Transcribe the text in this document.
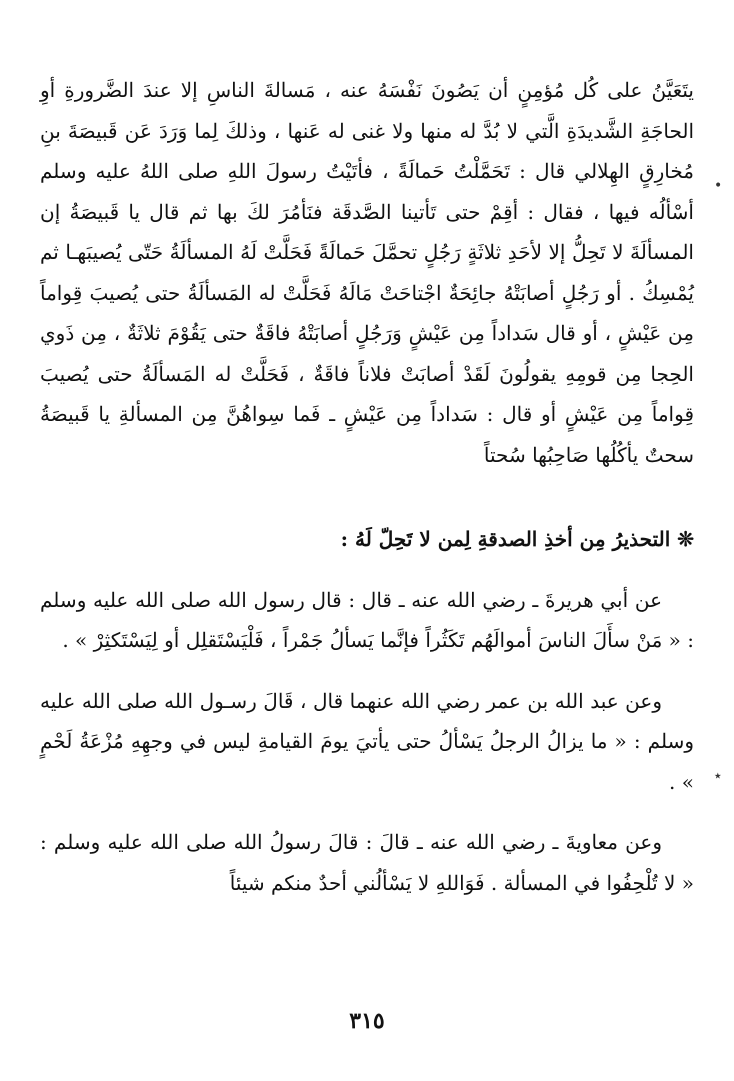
يتَعَيَّنُ على كُل مُؤمِنٍ أن يَصُونَ نَفْسَهُ عنه ، مَسالةَ الناسِ إلا عندَ الضَّرورةِ أوِ الحاجَةِ الشَّديدَةِ الَّتي لا بُدَّ له منها ولا غنى له عَنها ، وذلكَ لِما وَرَدَ عَن قَبيصَةَ بنِ مُخارِقٍ الهِلالي قال : تَحَمَّلْتُ حَمالَةً ، فأتَيْتُ رسولَ اللهِ صلى اللهُ عليه وسلم أسْألُه فيها ، فقال : أقِمْ حتى تَأتينا الصَّدقَة فنَأمُرَ لكَ بها ثم قال يا قَبيصَةُ إن المسألَةَ لا تَحِلُّ إلا لأحَدِ ثلاثَةٍ رَجُلٍ تحمَّلَ حَمالَةً فَحَلَّتْ لَهُ المسألَةُ حَتّى يُصيبَهـا ثم يُمْسِكُ . أو رَجُلٍ أصابَتْهُ جائِحَةٌ اجْتاحَتْ مَالَهُ فَحَلَّتْ له المَسألَةُ حتى يُصيبَ قِواماً مِن عَيْشٍ ، أو قال سَداداً مِن عَيْشٍ وَرَجُلٍ أصابَتْهُ فاقَةٌ حتى يَقُوْمَ ثلاثَةٌ ، مِن ذَوي الحِجا مِن قومِهِ يقولُونَ لَقَدْ أصابَتْ فلاناً فاقَةٌ ، فَحَلَّتْ له المَسألَةُ حتى يُصيبَ قِواماً مِن عَيْشٍ أو قال : سَداداً مِن عَيْشٍ ـ فَما سِواهُنَّ مِن المسألةِ يا قَبيصَةُ سحتٌ يأكُلُها صَاحِبُها سُحتاً

❊ التحذيرُ مِن أخذِ الصدقةِ لِمن لا تَحِلّ لَهُ :

عن أبي هريرةَ ـ رضي الله عنه ـ قال : قال رسول الله صلى الله عليه وسلم : « مَنْ سأَلَ الناسَ أموالَهُم تَكَثُراً فإنَّما يَسألُ جَمْراً ، فَلْيَسْتَقلِل أو لِيَسْتَكثِرْ » .

وعن عبد الله بن عمر رضي الله عنهما قال ، قَالَ رسـول الله صلى الله عليه وسلم : « ما يزالُ الرجلُ يَسْألُ حتى يأتيَ يومَ القيامةِ ليس في وجهِهِ مُزْعَةُ لَحْمٍ » .

وعن معاويةَ ـ رضي الله عنه ـ قالَ : قالَ رسولُ الله صلى الله عليه وسلم : « لا تُلْحِفُوا في المسألة . فَوَاللهِ لا يَسْألُني أحدٌ منكم شيئاً

•
٭
٣١٥
